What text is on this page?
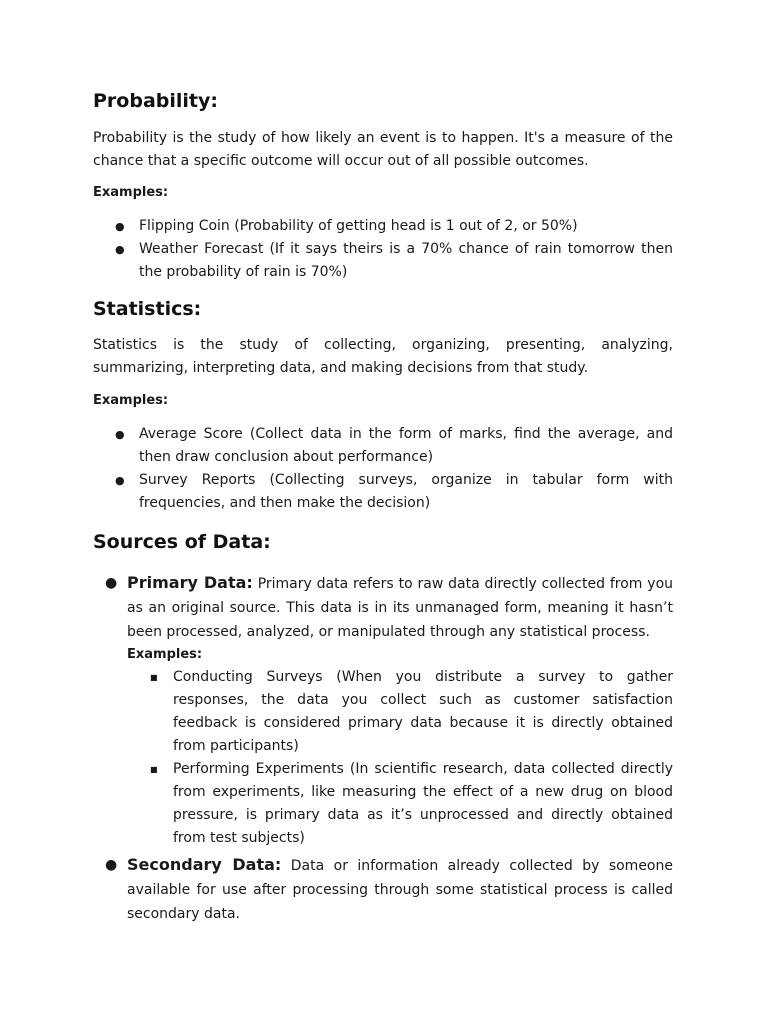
Probability:

Probability is the study of how likely an event is to happen. It's a measure of the chance that a specific outcome will occur out of all possible outcomes.

Examples:

● Flipping Coin (Probability of getting head is 1 out of 2, or 50%)

● Weather Forecast (If it says theirs is a 70% chance of rain tomorrow then the probability of rain is 70%)

Statistics:

Statistics is the study of collecting, organizing, presenting, analyzing, summarizing, interpreting data, and making decisions from that study.

Examples:

● Average Score (Collect data in the form of marks, find the average, and then draw conclusion about performance)

● Survey Reports (Collecting surveys, organize in tabular form with frequencies, and then make the decision)

Sources of Data:

● Primary Data: Primary data refers to raw data directly collected from you as an original source. This data is in its unmanaged form, meaning it hasn’t been processed, analyzed, or manipulated through any statistical process.

Examples:

■ Conducting Surveys (When you distribute a survey to gather responses, the data you collect such as customer satisfaction feedback is considered primary data because it is directly obtained from participants)

■ Performing Experiments (In scientific research, data collected directly from experiments, like measuring the effect of a new drug on blood pressure, is primary data as it’s unprocessed and directly obtained from test subjects)

● Secondary Data: Data or information already collected by someone available for use after processing through some statistical process is called secondary data.
